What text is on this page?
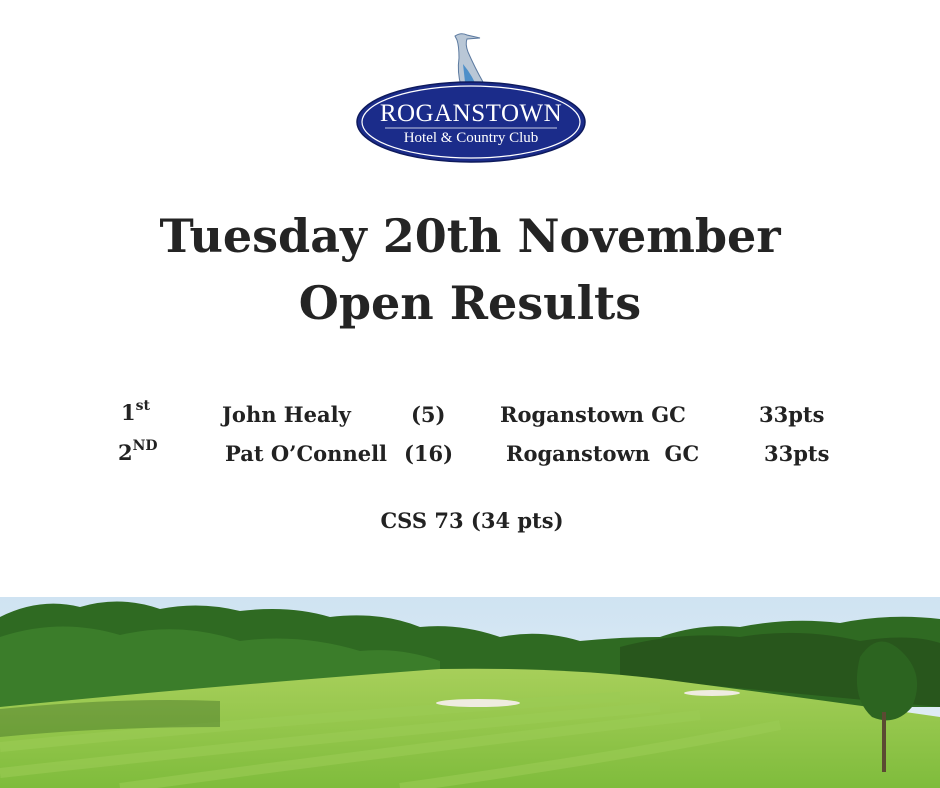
ROGANSTOWN
Hotel & Country Club
Tuesday 20th November
Open Results
1st	John Healy	(5)	Roganstown GC	33pts
2ND	Pat O’Connell (16)	Roganstown  GC	33pts
CSS 73 (34 pts)
